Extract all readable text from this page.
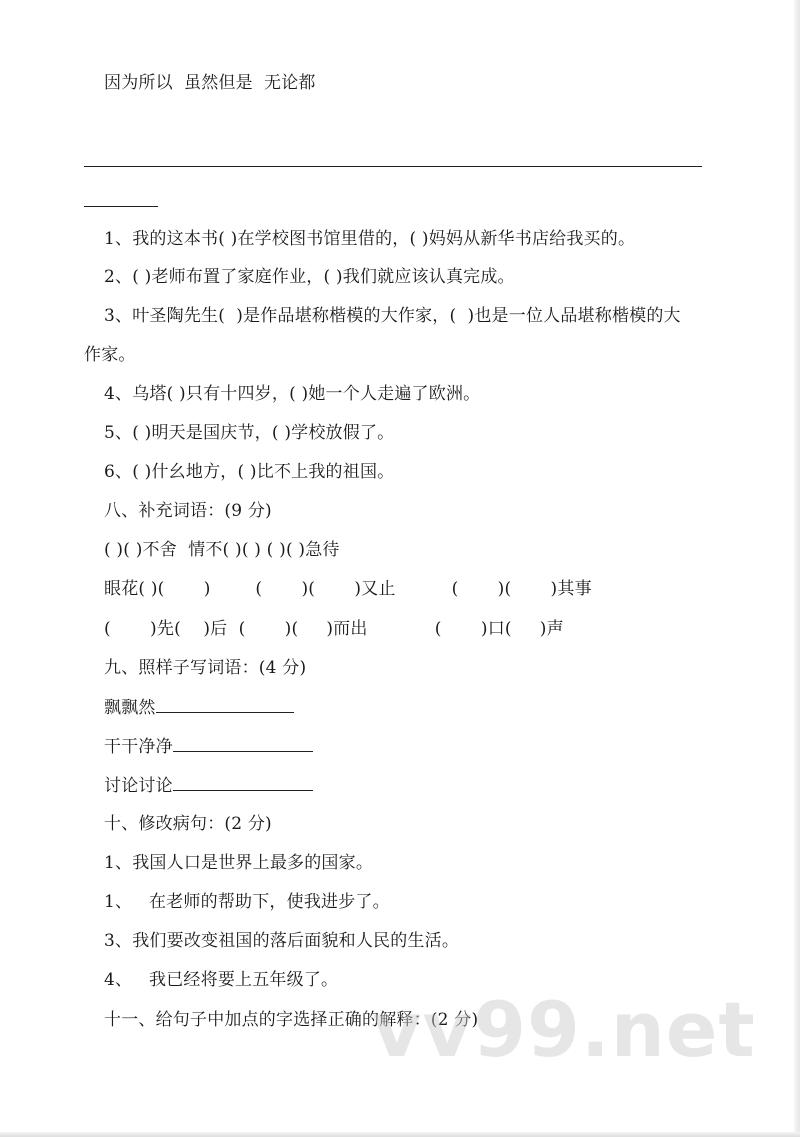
因为所以  虽然但是  无论都
1、我的这本书( )在学校图书馆里借的，( )妈妈从新华书店给我买的。
2、( )老师布置了家庭作业，( )我们就应该认真完成。
3、叶圣陶先生(  )是作品堪称楷模的大作家，(  )也是一位人品堪称楷模的大
作家。
4、乌塔( )只有十四岁，( )她一个人走遍了欧洲。
5、( )明天是国庆节，( )学校放假了。
6、( )什幺地方，( )比不上我的祖国。
八、补充词语：(9 分)
( )( )不舍  情不( )( ) ( )( )急待
眼花( )(       )        (       )(       )又止          (       )(       )其事
(       )先(    )后  (       )(     )而出            (       )口(     )声
九、照样子写词语：(4 分)
飘飘然
干干净净
讨论讨论
十、修改病句：(2 分)
1、我国人口是世界上最多的国家。
1、   在老师的帮助下，使我进步了。
3、我们要改变祖国的落后面貌和人民的生活。
4、   我已经将要上五年级了。
十一、给句子中加点的字选择正确的解释：(2 分)
vv99.net
